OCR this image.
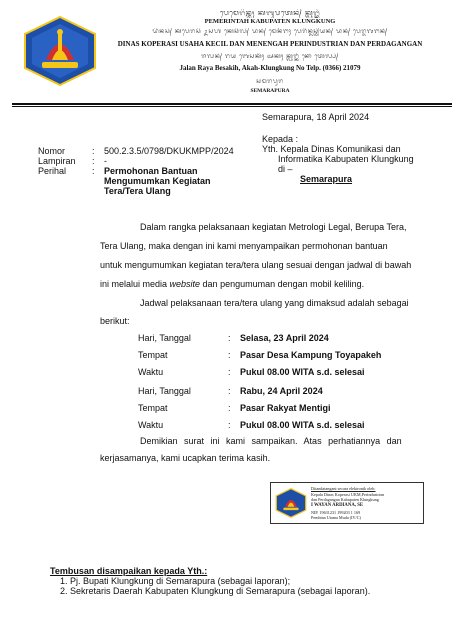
ᬧᬾᬫᬾᬭᬶᬦ᭄ᬢᬄ ᬓᬩᬸᬧᬢᬾᬦ᭄ ᬓ᭄ᬮᬸᬗ᭄ᬓᬸᬂ
PEMERINTAH KABUPATEN KLUNGKUNG
ᬤᬶᬦᬲ᭄ ᬓᬧᬾᬭᬲᬶ ᬉᬲᬳ ᬓᬾᬘᬶᬮ᭄ ᬤᬦ᭄ ᬫᬾᬦᭂᬗᬄ ᬧᬾᬭᬶᬦ᭄ᬤᬸᬲ᭄ᬢ᭄ᬭᬶᬬᬦ᭄ ᬤᬦ᭄ ᬧᬾᬭ᭄ᬤᬕᬗᬦ᭄
DINAS KOPERASI USAHA KECIL DAN MENENGAH PERINDUSTRIAN DAN PERDAGANGAN
ᬚᬮᬦ᭄ ᬭᬬ ᬩᬾᬲᬓᬶᬄ ᬅᬓᬄ ᬓ᭄ᬮᬸᬗ᭄ᬓᬸᬂ ᬦᭀ ᬢᬾᬮ᭄ᬧ᭄
Jalan Raya Besakih, Akah-Klungkung No Telp. (0366) 21079
ᬲᬫᬭᬧᬸᬭ
SEMARAPURA
Semarapura, 18 April 2024
Kepada :
Yth. Kepala Dinas Komunikasi dan
Informatika Kabupaten Klungkung
di –
Semarapura
Nomor	: 500.2.3.5/0798/DKUKMPP/2024
Lampiran : -
Perihal	: Permohonan Bantuan
Mengumumkan Kegiatan
Tera/Tera Ulang
Dalam rangka pelaksanaan kegiatan Metrologi Legal, Berupa Tera,
Tera Ulang, maka dengan ini kami menyampaikan permohonan bantuan
untuk mengumumkan kegiatan tera/tera ulang sesuai dengan jadwal di bawah
ini melalui media website dan pengumuman dengan mobil keliling.
Jadwal pelaksanaan tera/tera ulang yang dimaksud adalah sebagai
berikut:
Hari, Tanggal	: Selasa, 23 April 2024
Tempat	: Pasar Desa Kampung Toyapakeh
Waktu	: Pukul 08.00 WITA s.d. selesai
Hari, Tanggal	: Rabu, 24 April 2024
Tempat	: Pasar Rakyat Mentigi
Waktu	: Pukul 08.00 WITA s.d. selesai
Demikian surat ini kami sampaikan. Atas perhatiannya dan
kerjasamanya, kami ucapkan terima kasih.
Ditandatangani secara elektronik oleh:
Kepala Dinas Koperasi UKM,Perindustrian
dan Perdagangan Kabupaten Klungkung
I WAYAN ARDIANA, SE
NIP. 19631231 199203 1 169
Pembina Utama Muda (IV/C)
Tembusan disampaikan kepada Yth.:
1. Pj. Bupati Klungkung di Semarapura (sebagai laporan);
2. Sekretaris Daerah Kabupaten Klungkung di Semarapura (sebagai laporan).
